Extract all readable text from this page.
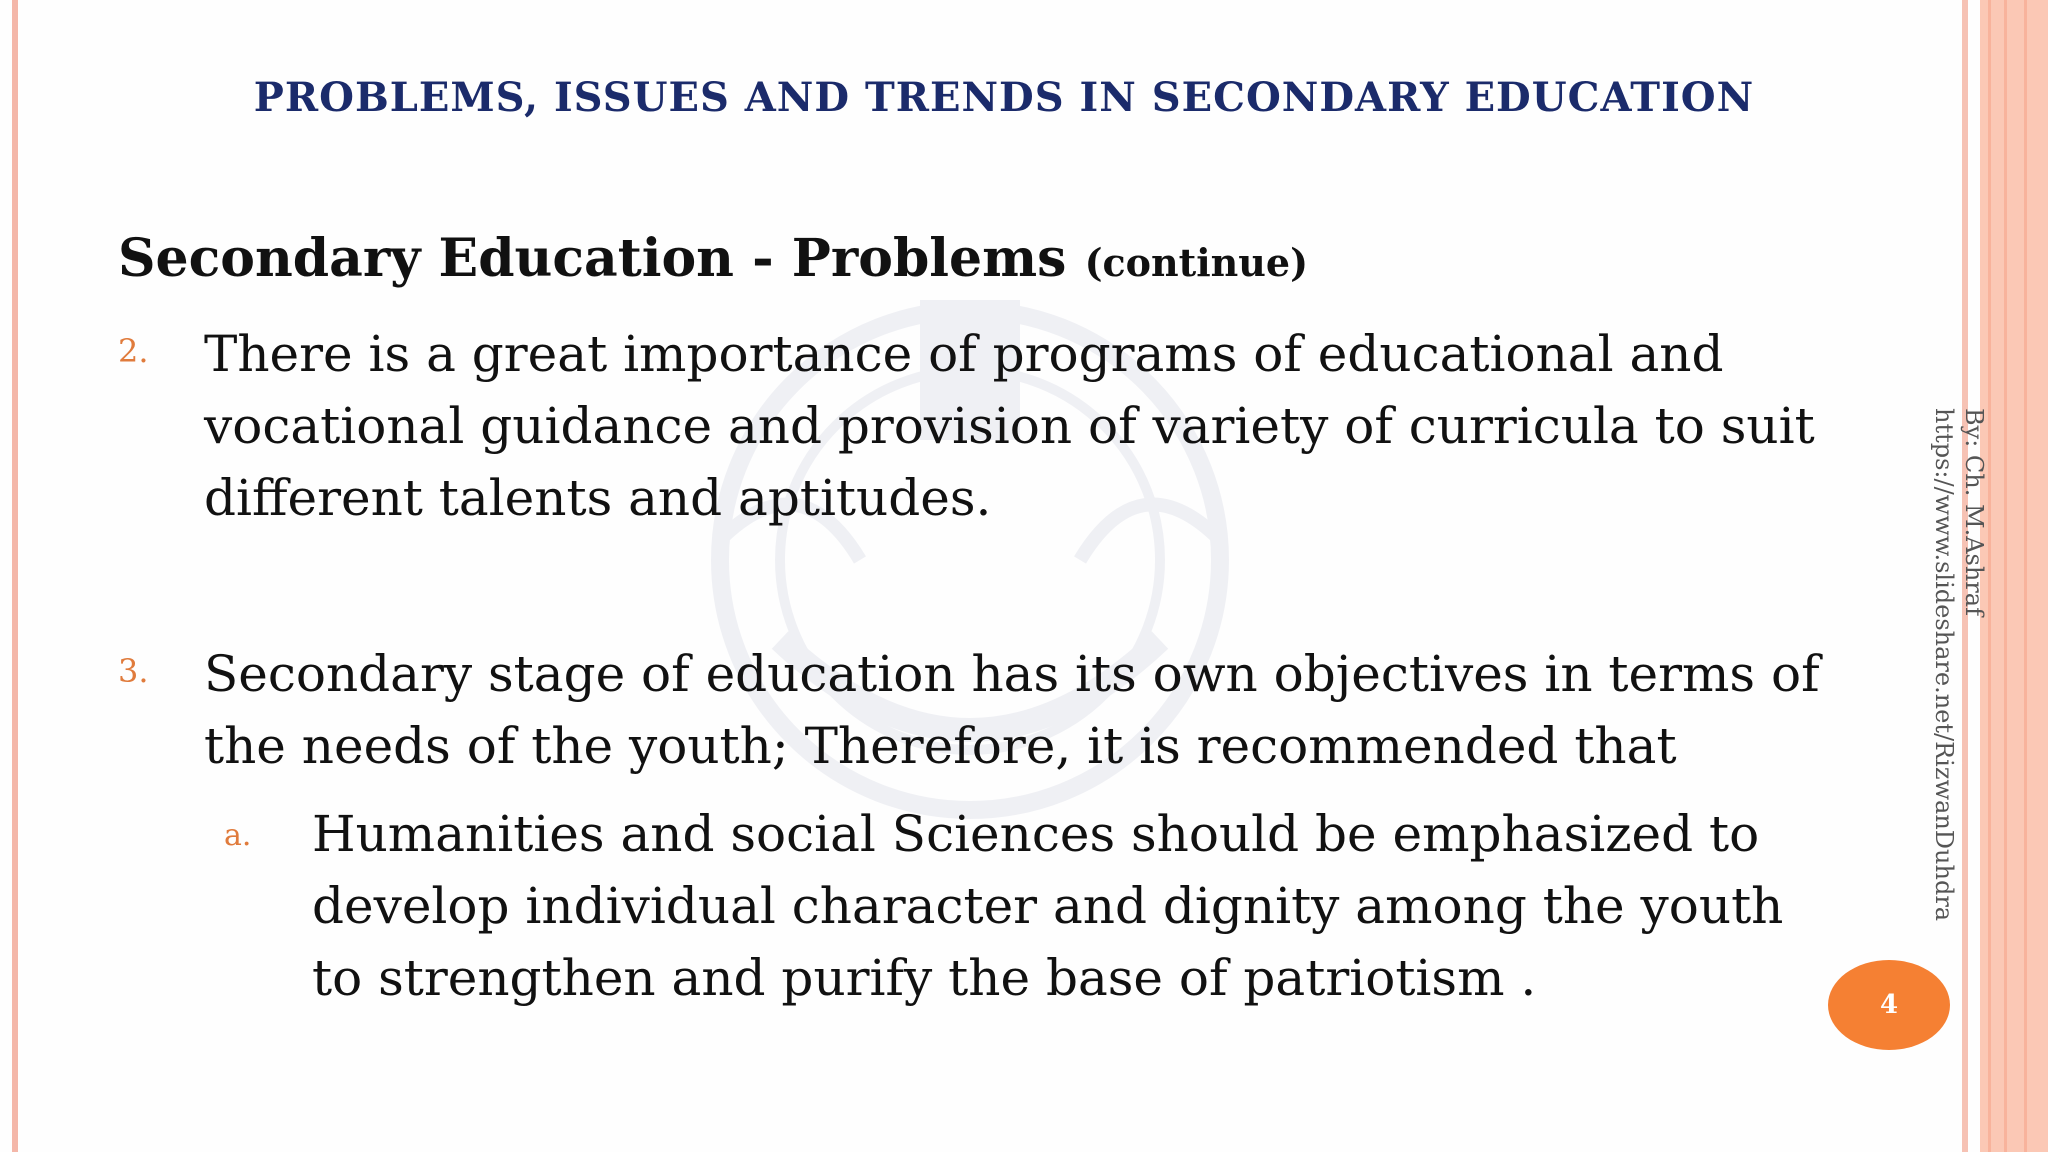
PROBLEMS, ISSUES AND TRENDS IN SECONDARY EDUCATION
Secondary Education - Problems (continue)
2. There is a great importance of programs of educational and vocational guidance and provision of variety of curricula to suit different talents and aptitudes.
3. Secondary stage of education has its own objectives in terms of the needs of the youth; Therefore, it is recommended that
a. Humanities and social Sciences should be emphasized to develop individual character and dignity among the youth to strengthen and purify the base of patriotism .
https://www.slideshare.net/RizwanDuhdra By: Ch. M.Ashraf
4
